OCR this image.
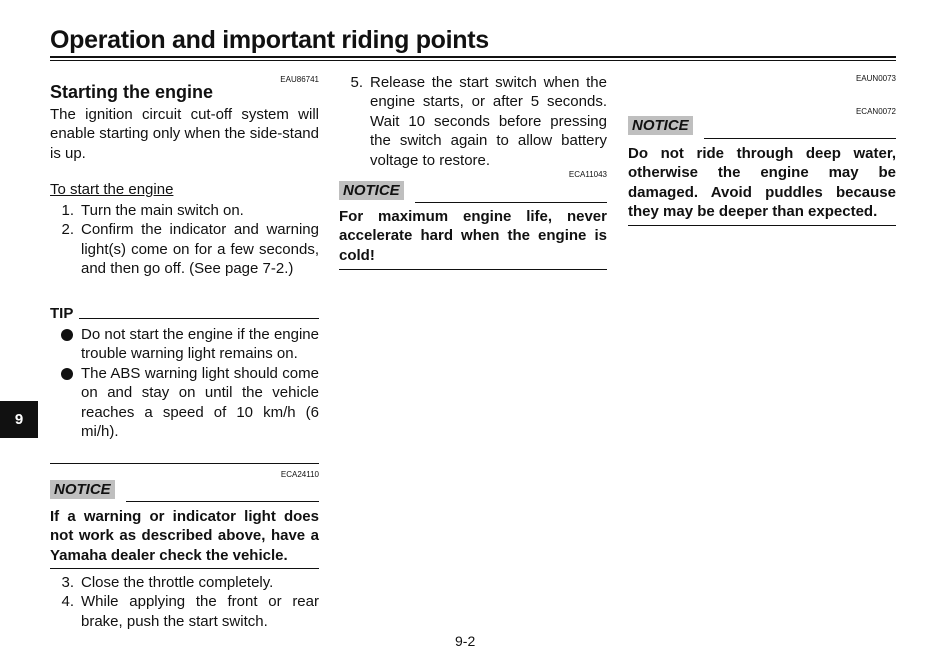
Operation and important riding points
EAU86741
Starting the engine
The ignition circuit cut-off system will enable starting only when the side-stand is up.
To start the engine
1. Turn the main switch on.
2. Confirm the indicator and warning light(s) come on for a few seconds, and then go off. (See page 7-2.)
TIP
Do not start the engine if the engine trouble warning light remains on.
The ABS warning light should come on and stay on until the vehicle reaches a speed of 10 km/h (6 mi/h).
ECA24110
NOTICE
If a warning or indicator light does not work as described above, have a Yamaha dealer check the vehicle.
3. Close the throttle completely.
4. While applying the front or rear brake, push the start switch.
5. Release the start switch when the engine starts, or after 5 seconds. Wait 10 seconds before pressing the switch again to allow battery voltage to restore.
ECA11043
NOTICE
For maximum engine life, never accelerate hard when the engine is cold!
EAUN0073
ECAN0072
NOTICE
Do not ride through deep water, otherwise the engine may be damaged. Avoid puddles because they may be deeper than expected.
9
9-2
